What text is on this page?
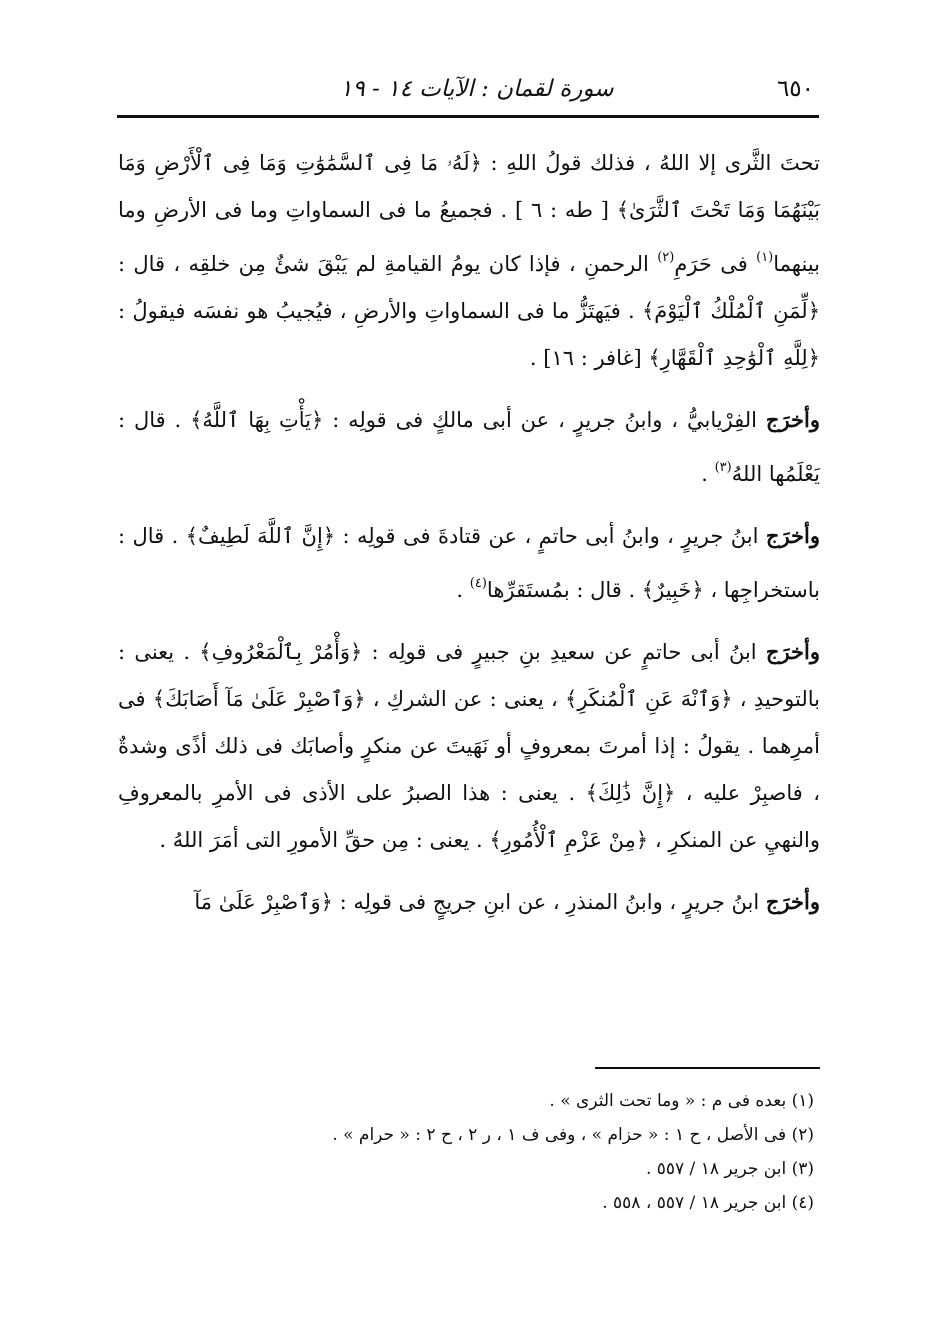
٦٥٠
سورة لقمان : الآيات ١٤ - ١٩

تحتَ الثَّرى إلا اللهُ ، فذلك قولُ اللهِ : ﴿لَهُۥ مَا فِى ٱلسَّمَٰوَٰتِ وَمَا فِى ٱلْأَرْضِ وَمَا بَيْنَهُمَا وَمَا تَحْتَ ٱلثَّرَىٰ﴾ [ طه : ٦ ] . فجميعُ ما فى السماواتِ وما فى الأرضِ وما بينهما$^{(١)}$ فى حَرَمِ$^{(٢)}$ الرحمنِ ، فإذا كان يومُ القيامةِ لم يَبْقَ شئٌ مِن خلقِه ، قال : ﴿لِّمَنِ ٱلْمُلْكُ ٱلْيَوْمَ﴾ . فيَهتَزُّ ما فى السماواتِ والأرضِ ، فيُجيبُ هو نفسَه فيقولُ : ﴿لِلَّهِ ٱلْوَٰحِدِ ٱلْقَهَّارِ﴾ [غافر : ١٦] .

وأخرَج الفِرْيابيُّ ، وابنُ جريرٍ ، عن أبى مالكٍ فى قولِه : ﴿يَأْتِ بِهَا ٱللَّهُ﴾ . قال : يَعْلَمُها اللهُ$^{(٣)}$ .

وأخرَج ابنُ جريرٍ ، وابنُ أبى حاتمٍ ، عن قتادةَ فى قولِه : ﴿إِنَّ ٱللَّهَ لَطِيفٌ﴾ . قال : باستخراجِها ، ﴿خَبِيرٌ﴾ . قال : بمُستَقرِّها$^{(٤)}$ .

وأخرَج ابنُ أبى حاتمٍ عن سعيدِ بنِ جبيرٍ فى قولِه : ﴿وَأْمُرْ بِٱلْمَعْرُوفِ﴾ . يعنى : بالتوحيدِ ، ﴿وَٱنْهَ عَنِ ٱلْمُنكَرِ﴾ ، يعنى : عن الشركِ ، ﴿وَٱصْبِرْ عَلَىٰ مَآ أَصَابَكَ﴾ فى أمرِهما . يقولُ : إذا أمرتَ بمعروفٍ أو نَهَيتَ عن منكرٍ وأصابَك فى ذلك أذًى وشدةٌ ، فاصبِرْ عليه ، ﴿إِنَّ ذَٰلِكَ﴾ . يعنى : هذا الصبرُ على الأذى فى الأمرِ بالمعروفِ والنهيِ عن المنكرِ ، ﴿مِنْ عَزْمِ ٱلْأُمُورِ﴾ . يعنى : مِن حقِّ الأمورِ التى أمَرَ اللهُ .

وأخرَج ابنُ جريرٍ ، وابنُ المنذرِ ، عن ابنِ جريجٍ فى قولِه : ﴿وَٱصْبِرْ عَلَىٰ مَآ

(١) بعده فى م : « وما تحت الثرى » .
(٢) فى الأصل ، ح ١ : « حزام » ، وفى ف ١ ، ر ٢ ، ح ٢ : « حرام » .
(٣) ابن جرير ١٨ / ٥٥٧ .
(٤) ابن جرير ١٨ / ٥٥٧ ، ٥٥٨ .
